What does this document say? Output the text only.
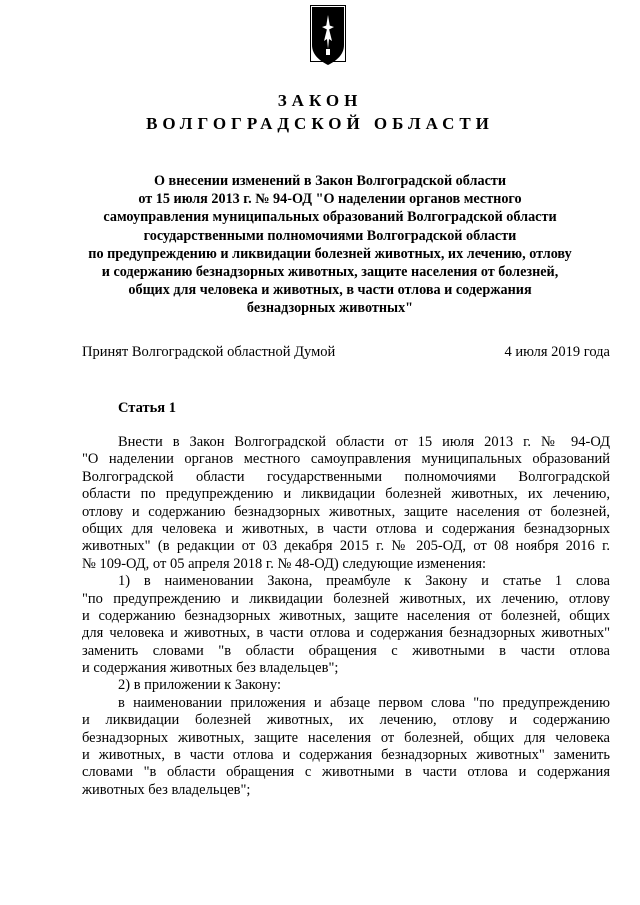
ЗАКОН
ВОЛГОГРАДСКОЙ ОБЛАСТИ
О внесении изменений в Закон Волгоградской области
от 15 июля 2013 г. № 94-ОД "О наделении органов местного
самоуправления муниципальных образований Волгоградской области
государственными полномочиями Волгоградской области
по предупреждению и ликвидации болезней животных, их лечению, отлову
и содержанию безнадзорных животных, защите населения от болезней,
общих для человека и животных, в части отлова и содержания
безнадзорных животных"
Принят Волгоградской областной Думой	4 июля 2019 года
Статья 1
Внести в Закон Волгоградской области от 15 июля 2013 г. № 94-ОД
"О наделении органов местного самоуправления муниципальных образований
Волгоградской области государственными полномочиями Волгоградской
области по предупреждению и ликвидации болезней животных, их лечению,
отлову и содержанию безнадзорных животных, защите населения от болезней,
общих для человека и животных, в части отлова и содержания безнадзорных
животных" (в редакции от 03 декабря 2015 г. № 205-ОД, от 08 ноября 2016 г.
№ 109-ОД, от 05 апреля 2018 г. № 48-ОД) следующие изменения:
1) в наименовании Закона, преамбуле к Закону и статье 1 слова
"по предупреждению и ликвидации болезней животных, их лечению, отлову
и содержанию безнадзорных животных, защите населения от болезней, общих
для человека и животных, в части отлова и содержания безнадзорных животных"
заменить словами "в области обращения с животными в части отлова
и содержания животных без владельцев";
2) в приложении к Закону:
в наименовании приложения и абзаце первом слова "по предупреждению
и ликвидации болезней животных, их лечению, отлову и содержанию
безнадзорных животных, защите населения от болезней, общих для человека
и животных, в части отлова и содержания безнадзорных животных" заменить
словами "в области обращения с животными в части отлова и содержания
животных без владельцев";
